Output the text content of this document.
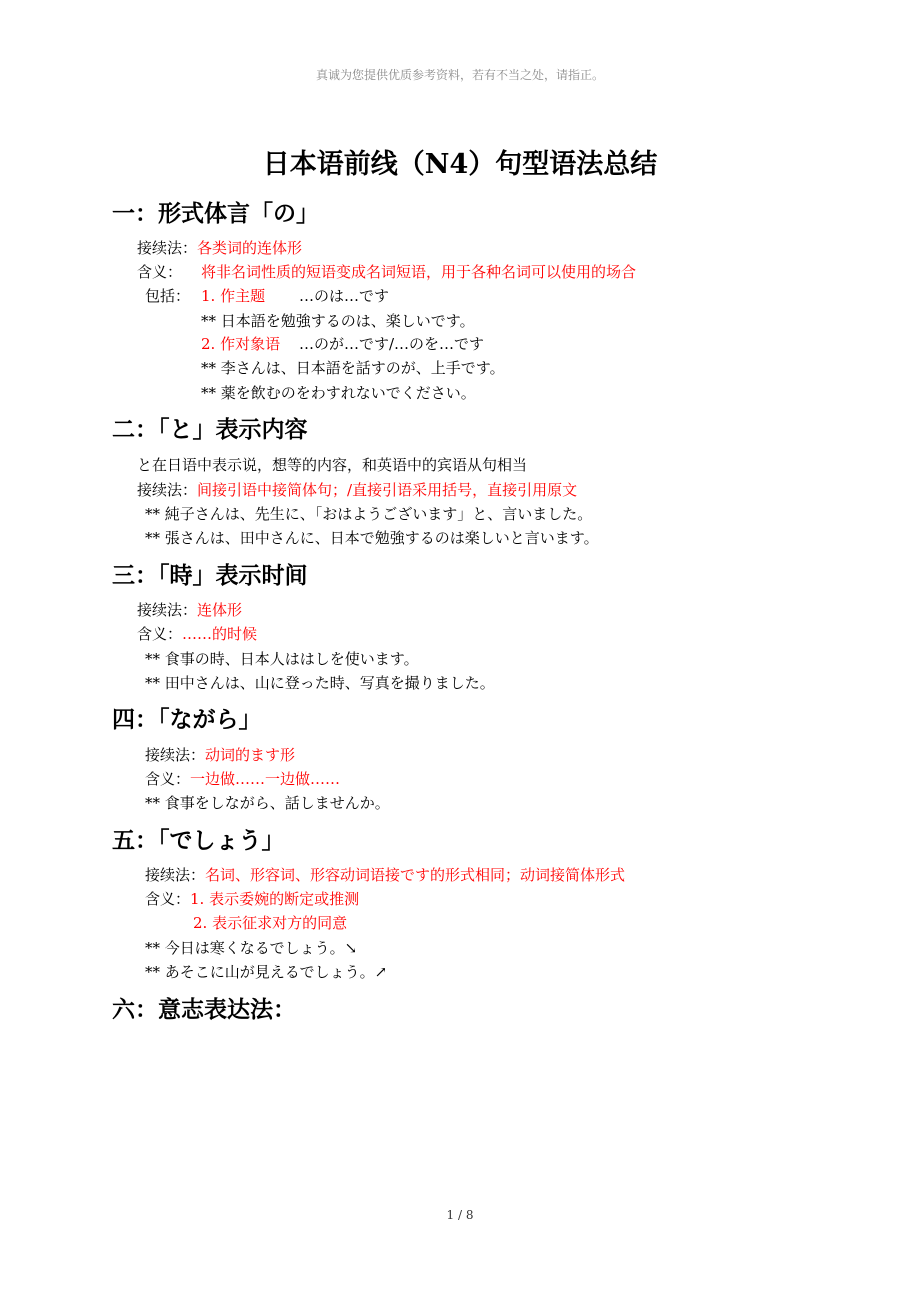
真诚为您提供优质参考资料，若有不当之处，请指正。
日本语前线（N4）句型语法总结
一：形式体言「の」
接续法：各类词的连体形
含义： 将非名词性质的短语变成名词短语，用于各种名词可以使用的场合
包括： 1. 作主题 …のは…です
** 日本語を勉強するのは、楽しいです。
2. 作对象语 …のが…です/…のを…です
** 李さんは、日本語を話すのが、上手です。
** 薬を飲むのをわすれないでください。
二：「と」表示内容
と在日语中表示说，想等的内容，和英语中的宾语从句相当
接续法：间接引语中接简体句；/直接引语采用括号，直接引用原文
** 純子さんは、先生に、「おはようございます」と、言いました。
** 張さんは、田中さんに、日本で勉強するのは楽しいと言います。
三：「時」表示时间
接续法：连体形
含义：……的时候
** 食事の時、日本人ははしを使います。
** 田中さんは、山に登った時、写真を撮りました。
四：「ながら」
接续法：动词的ます形
含义：一边做……一边做……
** 食事をしながら、話しませんか。
五：「でしょう」
接续法：名词、形容词、形容动词语接です的形式相同；动词接简体形式
含义：1. 表示委婉的断定或推测
2. 表示征求对方的同意
** 今日は寒くなるでしょう。↘
** あそこに山が見えるでしょう。↗
六：意志表达法：
1 / 8
